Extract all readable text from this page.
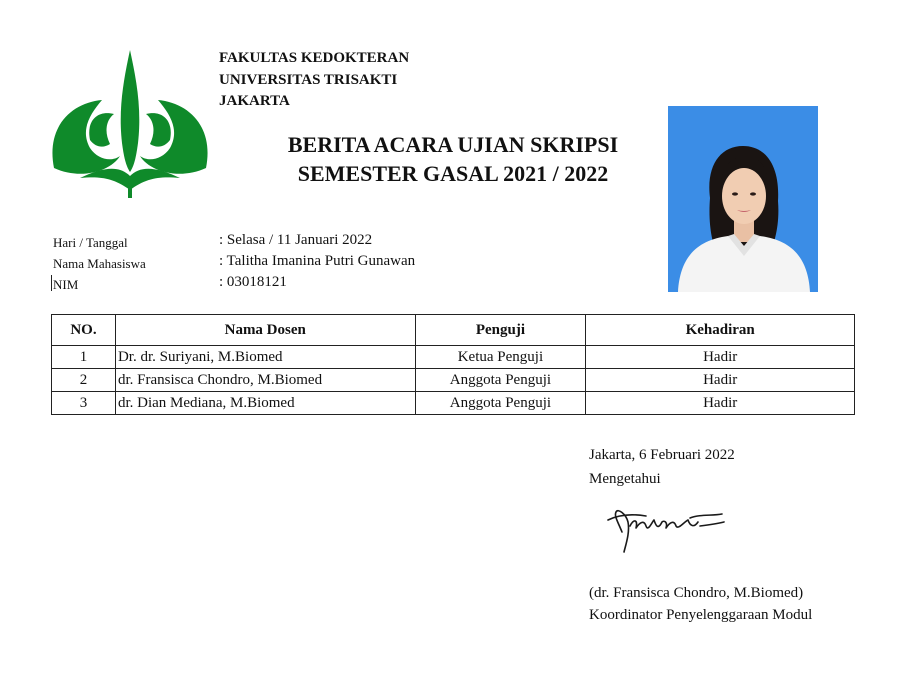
FAKULTAS KEDOKTERAN
UNIVERSITAS TRISAKTI
JAKARTA
BERITA ACARA UJIAN SKRIPSI
SEMESTER GASAL 2021 / 2022
Hari / Tanggal	: Selasa / 11 Januari 2022
Nama Mahasiswa	: Talitha Imanina Putri Gunawan
NIM	: 03018121
NO.	Nama Dosen	Penguji	Kehadiran
1	Dr. dr. Suriyani, M.Biomed	Ketua Penguji	Hadir
2	dr. Fransisca Chondro, M.Biomed	Anggota Penguji	Hadir
3	dr. Dian Mediana, M.Biomed	Anggota Penguji	Hadir
Jakarta, 6 Februari 2022
Mengetahui
(dr. Fransisca Chondro, M.Biomed)
Koordinator Penyelenggaraan Modul
